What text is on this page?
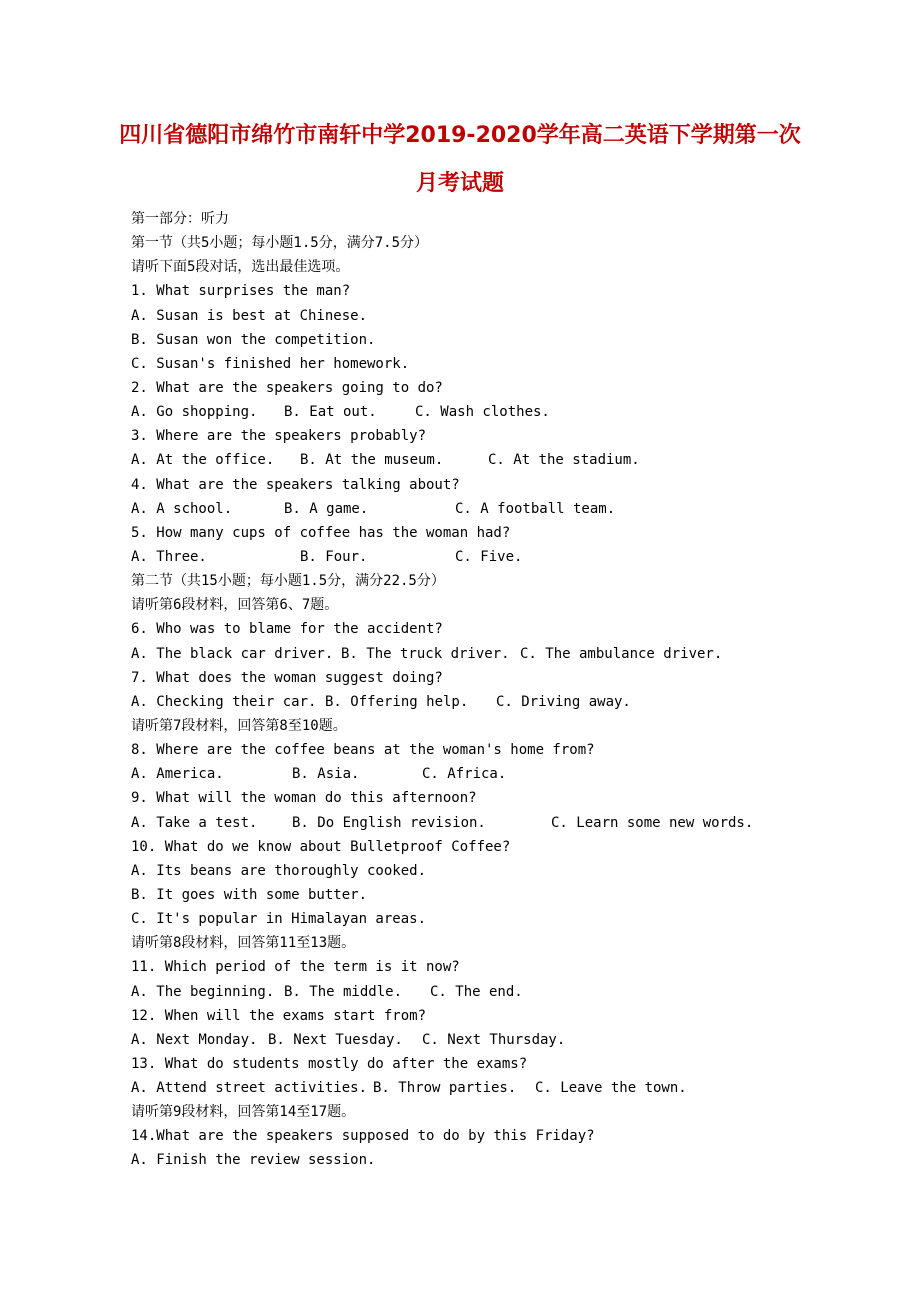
四川省德阳市绵竹市南轩中学2019-2020学年高二英语下学期第一次
月考试题
第一部分：听力
第一节（共5小题；每小题1.5分，满分7.5分）
请听下面5段对话，选出最佳选项。
1. What surprises the man?
A. Susan is best at Chinese.
B. Susan won the competition.
C. Susan's finished her homework.
2. What are the speakers going to do?

A. Go shopping.

B. Eat out.

	C. Wash clothes.

3. Where are the speakers probably?

A. At the office.

B. At the museum.

	C. At the stadium.

4. What are the speakers talking about?

A. A school.

	B. A game.

	C. A football team.

5. How many cups of coffee has the woman had?

A. Three.

	B. Four.

	C. Five.

第二节（共15小题；每小题1.5分，满分22.5分）
请听第6段材料，回答第6、7题。
6. Who was to blame for the accident?

A. The black car driver.

B. The truck driver.

C. The ambulance driver.

7. What does the woman suggest doing?

A. Checking their car.

B. Offering help.

C. Driving away.

请听第7段材料，回答第8至10题。
8. Where are the coffee beans at the woman's home from?

A. America.

	B. Asia.

	C. Africa.

9. What will the woman do this afternoon?

A. Take a test.

B. Do English revision.

	C. Learn some new words.

10. What do we know about Bulletproof Coffee?
A. Its beans are thoroughly cooked.
B. It goes with some butter.
C. It's popular in Himalayan areas.
请听第8段材料，回答第11至13题。
11. Which period of the term is it now?

A. The beginning.

B. The middle.

C. The end.

12. When will the exams start from?

A. Next Monday.

B. Next Tuesday.

C. Next Thursday.

13. What do students mostly do after the exams?

A. Attend street activities.

B. Throw parties.

C. Leave the town.

请听第9段材料，回答第14至17题。
14.What are the speakers supposed to do by this Friday?
A. Finish the review session.
